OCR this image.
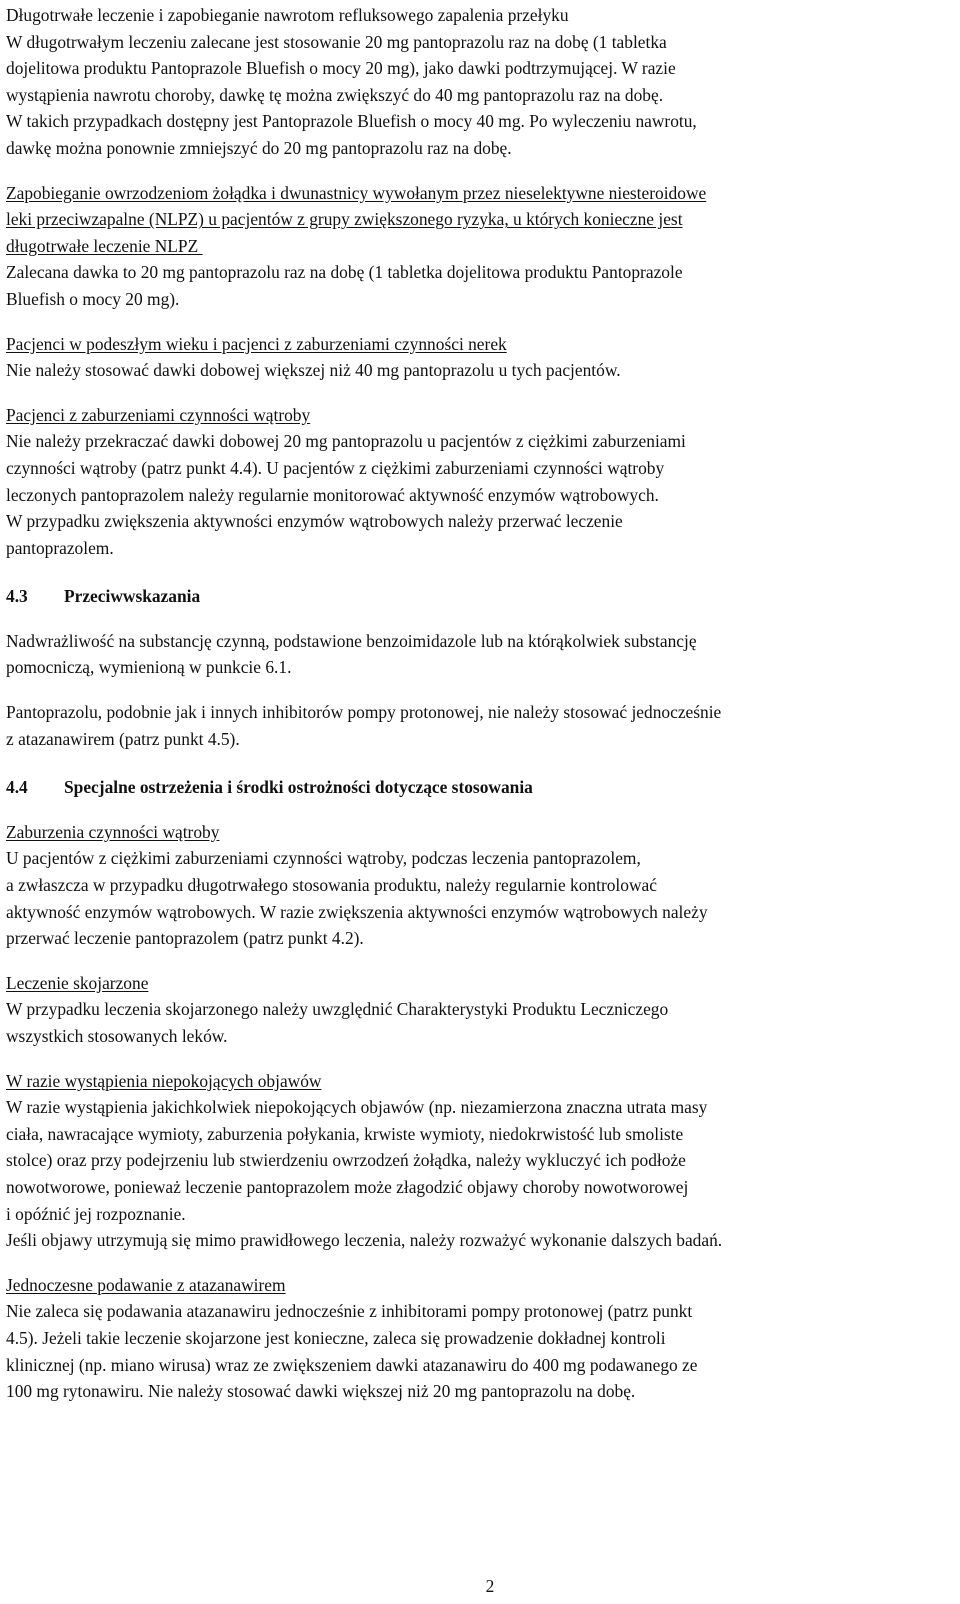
Długotrwałe leczenie i zapobieganie nawrotom refluksowego zapalenia przełyku

W długotrwałym leczeniu zalecane jest stosowanie 20 mg pantoprazolu raz na dobę (1 tabletka

dojelitowa produktu Pantoprazole Bluefish o mocy 20 mg), jako dawki podtrzymującej. W razie

wystąpienia nawrotu choroby, dawkę tę można zwiększyć do 40 mg pantoprazolu raz na dobę.

W takich przypadkach dostępny jest Pantoprazole Bluefish o mocy 40 mg. Po wyleczeniu nawrotu,

dawkę można ponownie zmniejszyć do 20 mg pantoprazolu raz na dobę.

Zapobieganie owrzodzeniom żołądka i dwunastnicy wywołanym przez nieselektywne niesteroidowe

leki przeciwzapalne (NLPZ) u pacjentów z grupy zwiększonego ryzyka, u których konieczne jest

długotrwałe leczenie NLPZ

Zalecana dawka to 20 mg pantoprazolu raz na dobę (1 tabletka dojelitowa produktu Pantoprazole

Bluefish o mocy 20 mg).

Pacjenci w podeszłym wieku i pacjenci z zaburzeniami czynności nerek

Nie należy stosować dawki dobowej większej niż 40 mg pantoprazolu u tych pacjentów.

Pacjenci z zaburzeniami czynności wątroby

Nie należy przekraczać dawki dobowej 20 mg pantoprazolu u pacjentów z ciężkimi zaburzeniami

czynności wątroby (patrz punkt 4.4). U pacjentów z ciężkimi zaburzeniami czynności wątroby

leczonych pantoprazolem należy regularnie monitorować aktywność enzymów wątrobowych.

W przypadku zwiększenia aktywności enzymów wątrobowych należy przerwać leczenie

pantoprazolem.

4.3 Przeciwwskazania

Nadwrażliwość na substancję czynną, podstawione benzoimidazole lub na którąkolwiek substancję

pomocniczą, wymienioną w punkcie 6.1.

Pantoprazolu, podobnie jak i innych inhibitorów pompy protonowej, nie należy stosować jednocześnie

z atazanawirem (patrz punkt 4.5).

4.4 Specjalne ostrzeżenia i środki ostrożności dotyczące stosowania

Zaburzenia czynności wątroby

U pacjentów z ciężkimi zaburzeniami czynności wątroby, podczas leczenia pantoprazolem,

a zwłaszcza w przypadku długotrwałego stosowania produktu, należy regularnie kontrolować

aktywność enzymów wątrobowych. W razie zwiększenia aktywności enzymów wątrobowych należy

przerwać leczenie pantoprazolem (patrz punkt 4.2).

Leczenie skojarzone

W przypadku leczenia skojarzonego należy uwzględnić Charakterystyki Produktu Leczniczego

wszystkich stosowanych leków.

W razie wystąpienia niepokojących objawów

W razie wystąpienia jakichkolwiek niepokojących objawów (np. niezamierzona znaczna utrata masy

ciała, nawracające wymioty, zaburzenia połykania, krwiste wymioty, niedokrwistość lub smoliste

stolce) oraz przy podejrzeniu lub stwierdzeniu owrzodzeń żołądka, należy wykluczyć ich podłoże

nowotworowe, ponieważ leczenie pantoprazolem może złagodzić objawy choroby nowotworowej

i opóźnić jej rozpoznanie.

Jeśli objawy utrzymują się mimo prawidłowego leczenia, należy rozważyć wykonanie dalszych badań.

Jednoczesne podawanie z atazanawirem

Nie zaleca się podawania atazanawiru jednocześnie z inhibitorami pompy protonowej (patrz punkt

4.5). Jeżeli takie leczenie skojarzone jest konieczne, zaleca się prowadzenie dokładnej kontroli

klinicznej (np. miano wirusa) wraz ze zwiększeniem dawki atazanawiru do 400 mg podawanego ze

100 mg rytonawiru. Nie należy stosować dawki większej niż 20 mg pantoprazolu na dobę.

2
